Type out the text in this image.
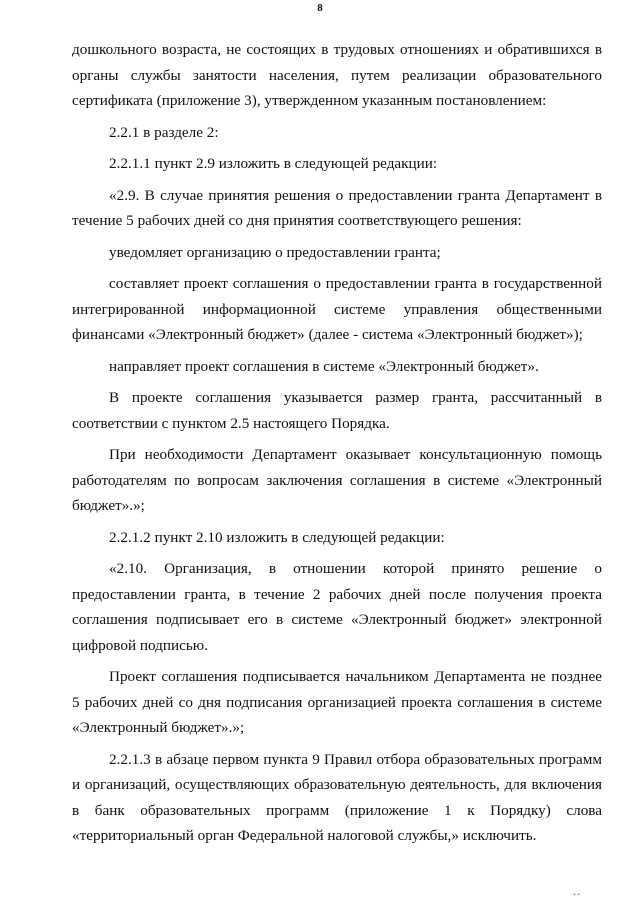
8

дошкольного возраста, не состоящих в трудовых отношениях и обратившихся в органы службы занятости населения, путем реализации образовательного сертификата (приложение 3), утвержденном указанным постановлением:

2.2.1 в разделе 2:

2.2.1.1 пункт 2.9 изложить в следующей редакции:

«2.9. В случае принятия решения о предоставлении гранта Департамент в течение 5 рабочих дней со дня принятия соответствующего решения:

уведомляет организацию о предоставлении гранта;

составляет проект соглашения о предоставлении гранта в государственной интегрированной информационной системе управления общественными финансами «Электронный бюджет» (далее - система «Электронный бюджет»);

направляет проект соглашения в системе «Электронный бюджет».

В проекте соглашения указывается размер гранта, рассчитанный в соответствии с пунктом 2.5 настоящего Порядка.

При необходимости Департамент оказывает консультационную помощь работодателям по вопросам заключения соглашения в системе «Электронный бюджет».»;

2.2.1.2 пункт 2.10 изложить в следующей редакции:

«2.10. Организация, в отношении которой принято решение о предоставлении гранта, в течение 2 рабочих дней после получения проекта соглашения подписывает его в системе «Электронный бюджет» электронной цифровой подписью.

Проект соглашения подписывается начальником Департамента не позднее 5 рабочих дней со дня подписания организацией проекта соглашения в системе «Электронный бюджет».»;

2.2.1.3 в абзаце первом пункта 9 Правил отбора образовательных программ и организаций, осуществляющих образовательную деятельность, для включения в банк образовательных программ (приложение 1 к Порядку) слова «территориальный орган Федеральной налоговой службы,» исключить.

• •
